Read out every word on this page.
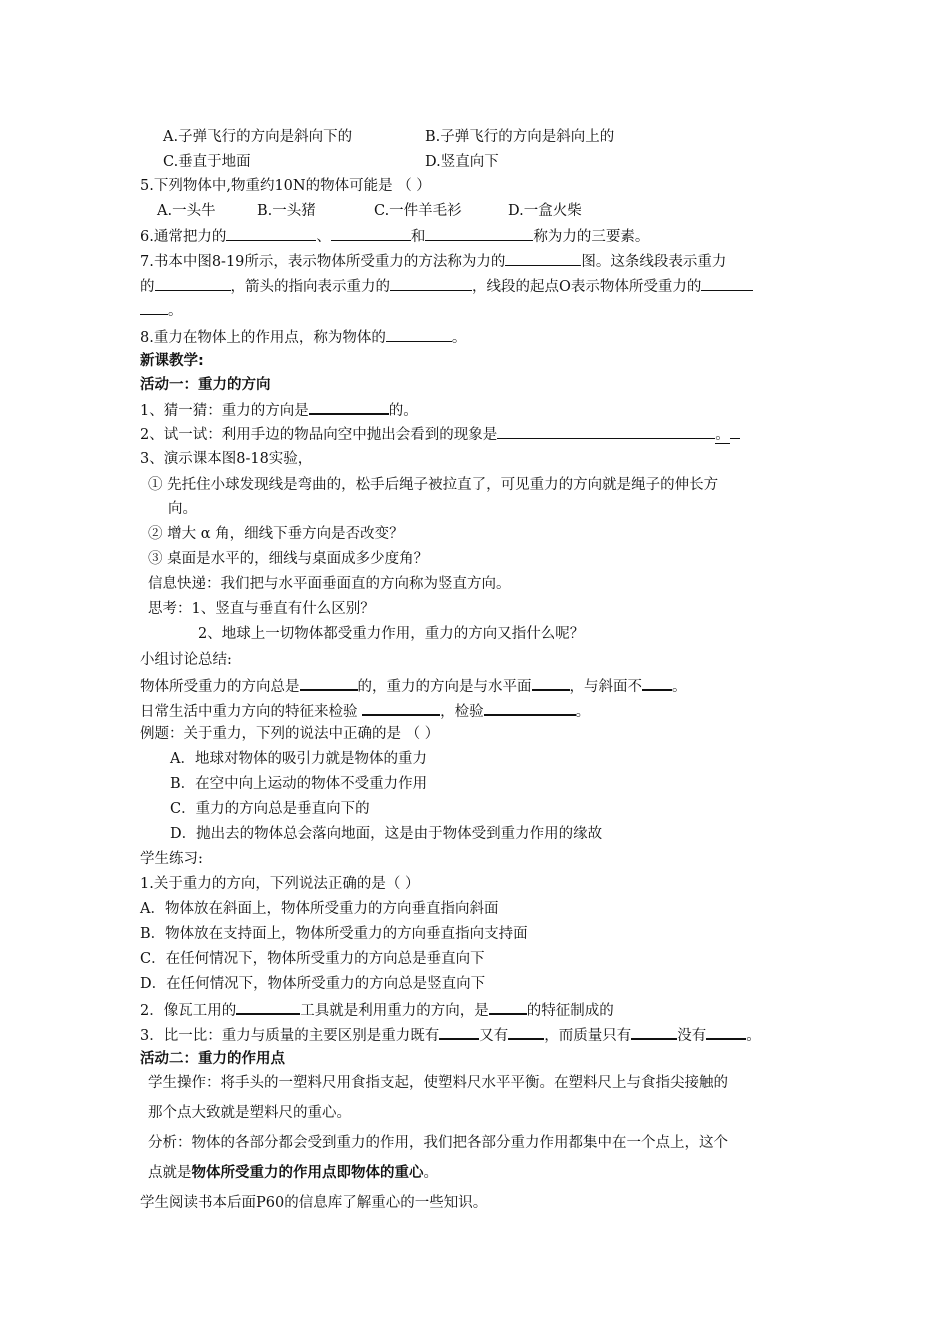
A.子弹飞行的方向是斜向下的	B.子弹飞行的方向是斜向上的
C.垂直于地面	D.竖直向下
5.下列物体中,物重约10N的物体可能是 （ ）
A.一头牛	B.一头猪	C.一件羊毛衫	D.一盒火柴
6.通常把力的	、	和	称为力的三要素。
7.书本中图8-19所示，表示物体所受重力的方法称为力的	图。这条线段表示重力
的	，箭头的指向表示重力的	，线段的起点O表示物体所受重力的
。
8.重力在物体上的作用点，称为物体的	。
新课教学:
活动一：重力的方向
1、猜一猜：重力的方向是	的。
2、试一试：利用手边的物品向空中抛出会看到的现象是	。
3、演示课本图8-18实验，
① 先托住小球发现线是弯曲的，松手后绳子被拉直了，可见重力的方向就是绳子的伸长方
向。
② 增大 α 角，细线下垂方向是否改变？
③ 桌面是水平的，细线与桌面成多少度角？
信息快递：我们把与水平面垂面直的方向称为竖直方向。
思考：1、竖直与垂直有什么区别？
2、地球上一切物体都受重力作用，重力的方向又指什么呢？
小组讨论总结:
物体所受重力的方向总是	的，重力的方向是与水平面	，与斜面不 。
日常生活中重力方向的特征来检验	，检验	。
例题：关于重力，下列的说法中正确的是 （ ）
A．地球对物体的吸引力就是物体的重力
B．在空中向上运动的物体不受重力作用
C．重力的方向总是垂直向下的
D．抛出去的物体总会落向地面，这是由于物体受到重力作用的缘故
学生练习:
1.关于重力的方向，下列说法正确的是（ ）
A．物体放在斜面上，物体所受重力的方向垂直指向斜面
B．物体放在支持面上，物体所受重力的方向垂直指向支持面
C．在任何情况下，物体所受重力的方向总是垂直向下
D．在任何情况下，物体所受重力的方向总是竖直向下
2．像瓦工用的	工具就是利用重力的方向，是	的特征制成的
3．比一比：重力与质量的主要区别是重力既有	又有 ，而质量只有	没有	。
活动二：重力的作用点
学生操作：将手头的一塑料尺用食指支起，使塑料尺水平平衡。在塑料尺上与食指尖接触的
那个点大致就是塑料尺的重心。
分析：物体的各部分都会受到重力的作用，我们把各部分重力作用都集中在一个点上，这个
点就是物体所受重力的作用点即物体的重心。
学生阅读书本后面P60的信息库了解重心的一些知识。
